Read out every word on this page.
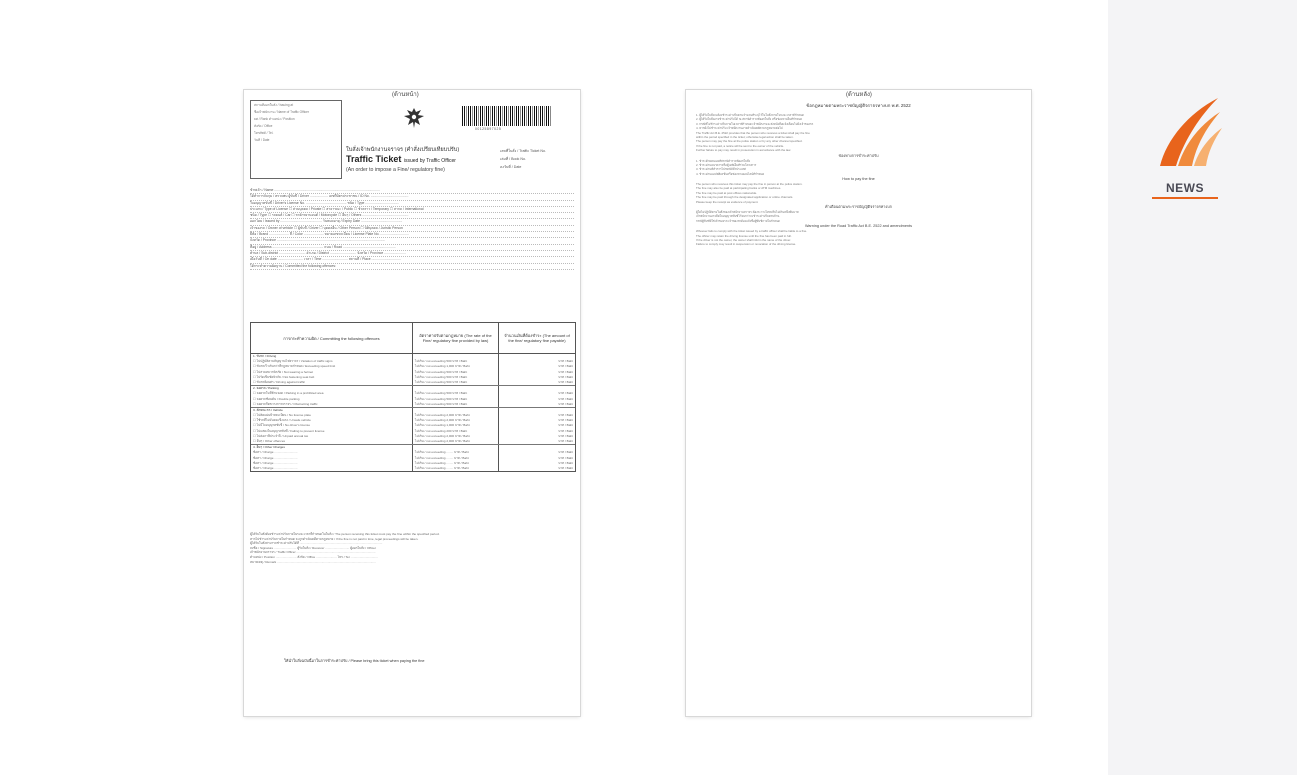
(ด้านหน้า)
สถานที่ออกใบสั่ง / Issuing at
ชื่อเจ้าพนักงาน / Name of Traffic Officer
ยศ / Rank ตำแหน่ง / Position
สังกัด / Office
โทรศัพท์ / Tel.
วันที่ / Date
00125897025
ใบสั่งเจ้าพนักงานจราจร (คำสั่งเปรียบเทียบปรับ)
Traffic Ticket issued by Traffic Officer
(An order to impose a Fine/ regulatory fine)
เลขที่ใบสั่ง / Traffic Ticket No.
เล่มที่ / Book No.
ลงวันที่ / Date
ข้าพเจ้า / Name ................................................................................................................
ได้ทำการจับกุม / ตรวจพบ ผู้ขับขี่ / Driver ................... เลขที่บัตรประชาชน / ID No. ........................................
ใบอนุญาตขับขี่ / Driver's License No. ........................................... ชนิด / Type ....................................
ประเภท / Type of License ☐ ส่วนบุคคล / Private ☐ สาธารณะ / Public ☐ ชั่วคราว / Temporary ☐ สากล / International
ชนิด / Type ☐ รถยนต์ / Car ☐ รถจักรยานยนต์ / Motorcycle ☐ อื่นๆ / Others .................................................
ออกโดย / Issued by ............................................ วันหมดอายุ / Expiry Date ............................................
เจ้าของรถ / Owner of vehicle ☐ ผู้ขับขี่ / Driver ☐ บุคคลอื่น / Other Person ☐ นิติบุคคล / Juristic Person
ยี่ห้อ / Brand ..................... สี / Color ..................... หมายเลขทะเบียน / License Plate No. ..............................
จังหวัด / Province ...................................................................................................................
ที่อยู่ / Address ...................................................... ถนน / Road ........................................................
ตำบล / Sub-district ............................ อำเภอ / District ............................ จังหวัด / Province .......................
เมื่อวันที่ / On date ........................... เวลา / Time ........................... สถานที่ / Place ...............................
ได้กระทำความผิดฐาน / Committed the following offences:
การกระทำความผิด / Committing the following offences	อัตราค่าปรับตามกฎหมาย (The rate of the Fine/ regulatory fine provided by law)
จำนวนเงินที่ต้องชำระ (The amount of the fine/ regulatory fine payable)
1. ขับรถ / Driving
☐ ไม่ปฏิบัติตามสัญญาณไฟจราจร / Violation of traffic signs	ไม่เกิน / not exceeding 500 บาท / Baht	บาท / Baht
☐ ขับรถเร็วเกินกว่าที่กฎหมายกำหนด / Exceeding speed limit	ไม่เกิน / not exceeding 1,000 บาท / Baht	บาท / Baht
☐ ไม่สวมหมวกนิรภัย / Not wearing a helmet	ไม่เกิน / not exceeding 500 บาท / Baht	บาท / Baht
☐ ไม่รัดเข็มขัดนิรภัย / Not fastening seat belt	ไม่เกิน / not exceeding 500 บาท / Baht	บาท / Baht
☐ ขับรถย้อนศร / Driving against traffic	ไม่เกิน / not exceeding 500 บาท / Baht	บาท / Baht
2. จอดรถ / Parking
☐ จอดรถในที่ห้ามจอด / Parking in a prohibited area	ไม่เกิน / not exceeding 500 บาท / Baht	บาท / Baht
☐ จอดรถซ้อนคัน / Double parking	ไม่เกิน / not exceeding 500 บาท / Baht	บาท / Baht
☐ จอดรถกีดขวางการจราจร / Obstructing traffic	ไม่เกิน / not exceeding 500 บาท / Baht	บาท / Baht
3. ลักษณะรถ / Vehicle
☐ ไม่ติดแผ่นป้ายทะเบียน / No license plate	ไม่เกิน / not exceeding 2,000 บาท / Baht	บาท / Baht
☐ ใช้รถที่ไม่มั่นคงแข็งแรง / Unsafe vehicle	ไม่เกิน / not exceeding 2,000 บาท / Baht	บาท / Baht
☐ ไม่มีใบอนุญาตขับขี่ / No driver's license	ไม่เกิน / not exceeding 1,000 บาท / Baht	บาท / Baht
☐ ไม่แสดงใบอนุญาตขับขี่ / Failing to present license	ไม่เกิน / not exceeding 200 บาท / Baht	บาท / Baht
☐ ไม่ต่อภาษีประจำปี / Unpaid annual tax	ไม่เกิน / not exceeding 2,000 บาท / Baht	บาท / Baht
☐ อื่นๆ / Other offences	ไม่เกิน / not exceeding 2,000 บาท / Baht	บาท / Baht
4. อื่นๆ / Other Charges
ข้อหา / Charge ...........................	ไม่เกิน / not exceeding ........ บาท / Baht	บาท / Baht
ข้อหา / Charge ...........................	ไม่เกิน / not exceeding ........ บาท / Baht	บาท / Baht
ข้อหา / Charge ...........................	ไม่เกิน / not exceeding ........ บาท / Baht	บาท / Baht
ข้อหา / Charge ...........................	ไม่เกิน / not exceeding ........ บาท / Baht	บาท / Baht
ผู้ได้รับใบสั่งต้องชำระค่าปรับภายในระยะเวลาที่กำหนดในใบสั่ง / The person receiving this ticket must pay the fine within the specified period.
หากไม่ชำระค่าปรับภายในกำหนด จะถูกดำเนินคดีตามกฎหมาย / If the fine is not paid in time, legal proceedings will be taken.
ผู้ได้รับใบสั่งสามารถชำระค่าปรับได้ที่ ................................................................................................
ลงชื่อ / Signature .......................... ผู้รับใบสั่ง / Receiver ............................ ผู้ออกใบสั่ง / Officer
เจ้าพนักงานจราจร / Traffic Officer ............................................................................................
ตำแหน่ง / Position ........................ สังกัด / Office ........................ โทร / Tel. ...............................
หมายเหตุ / Remark ...................................................................................................................
ให้นำใบสั่งฉบับนี้มาในการชำระค่าปรับ / Please bring this ticket when paying the fine
(ด้านหลัง)
ข้อกฎหมายตามพระราชบัญญัติจราจรทางบก พ.ศ. 2522
1. ผู้ได้รับใบสั่งจะต้องชำระค่าปรับตามจำนวนที่ระบุไว้ในใบสั่งภายในระยะเวลาที่กำหนด
2. ผู้ได้รับใบสั่งอาจชำระค่าปรับได้ ณ สถานีตำรวจที่ออกใบสั่ง หรือช่องทางอื่นที่กำหนด
3. กรณีที่ไม่ชำระค่าปรับภายในเวลาที่กำหนด เจ้าพนักงานจะส่งหนังสือแจ้งเตือนไปยังเจ้าของรถ
4. หากยังไม่ชำระค่าปรับ เจ้าพนักงานอาจดำเนินคดีตามกฎหมายต่อไป
The Traffic Act B.E. 2522 provides that the person who receives a ticket shall pay the fine
within the period specified in the ticket; otherwise legal action shall be taken.
The person may pay the fine at the police station or by any other channel specified.
If the fine is not paid, a notice will be sent to the owner of the vehicle.
Further failure to pay may result in prosecution in accordance with the law.
ช่องทางการชำระค่าปรับ
1. ชำระด้วยตนเองที่สถานีตำรวจที่ออกใบสั่ง
2. ชำระผ่านธนาคารหรือตู้เอทีเอ็มที่ร่วมโครงการ
3. ชำระผ่านที่ทำการไปรษณีย์ทั่วประเทศ
4. ชำระผ่านแอปพลิเคชันหรือช่องทางออนไลน์ที่กำหนด
How to pay the fine
The person who receives this ticket may pay the fine in person at the police station.
The fine may also be paid at participating banks or ATM machines.
The fine may be paid at post offices nationwide.
The fine may be paid through the designated application or online channels.
Please keep the receipt as evidence of payment.
คำเตือนตามพระราชบัญญัติจราจรทางบก
ผู้ใดไม่ปฏิบัติตามใบสั่งของเจ้าพนักงานจราจร ต้องระวางโทษปรับไม่เกินหนึ่งพันบาท
เจ้าพนักงานอาจยึดใบอนุญาตขับขี่ไว้จนกว่าจะชำระค่าปรับครบถ้วน
กรณีผู้ขับขี่มิใช่เจ้าของรถ เจ้าของรถต้องแจ้งชื่อผู้ขับขี่ภายในกำหนด
Warning under the Road Traffic Act B.E. 2522 and amendments
Whoever fails to comply with the ticket issued by a traffic officer shall be liable to a fine.
The officer may retain the driving license until the fine has been paid in full.
If the driver is not the owner, the owner shall inform the name of the driver.
Failure to comply may result in suspension or revocation of the driving license.
NEWS
